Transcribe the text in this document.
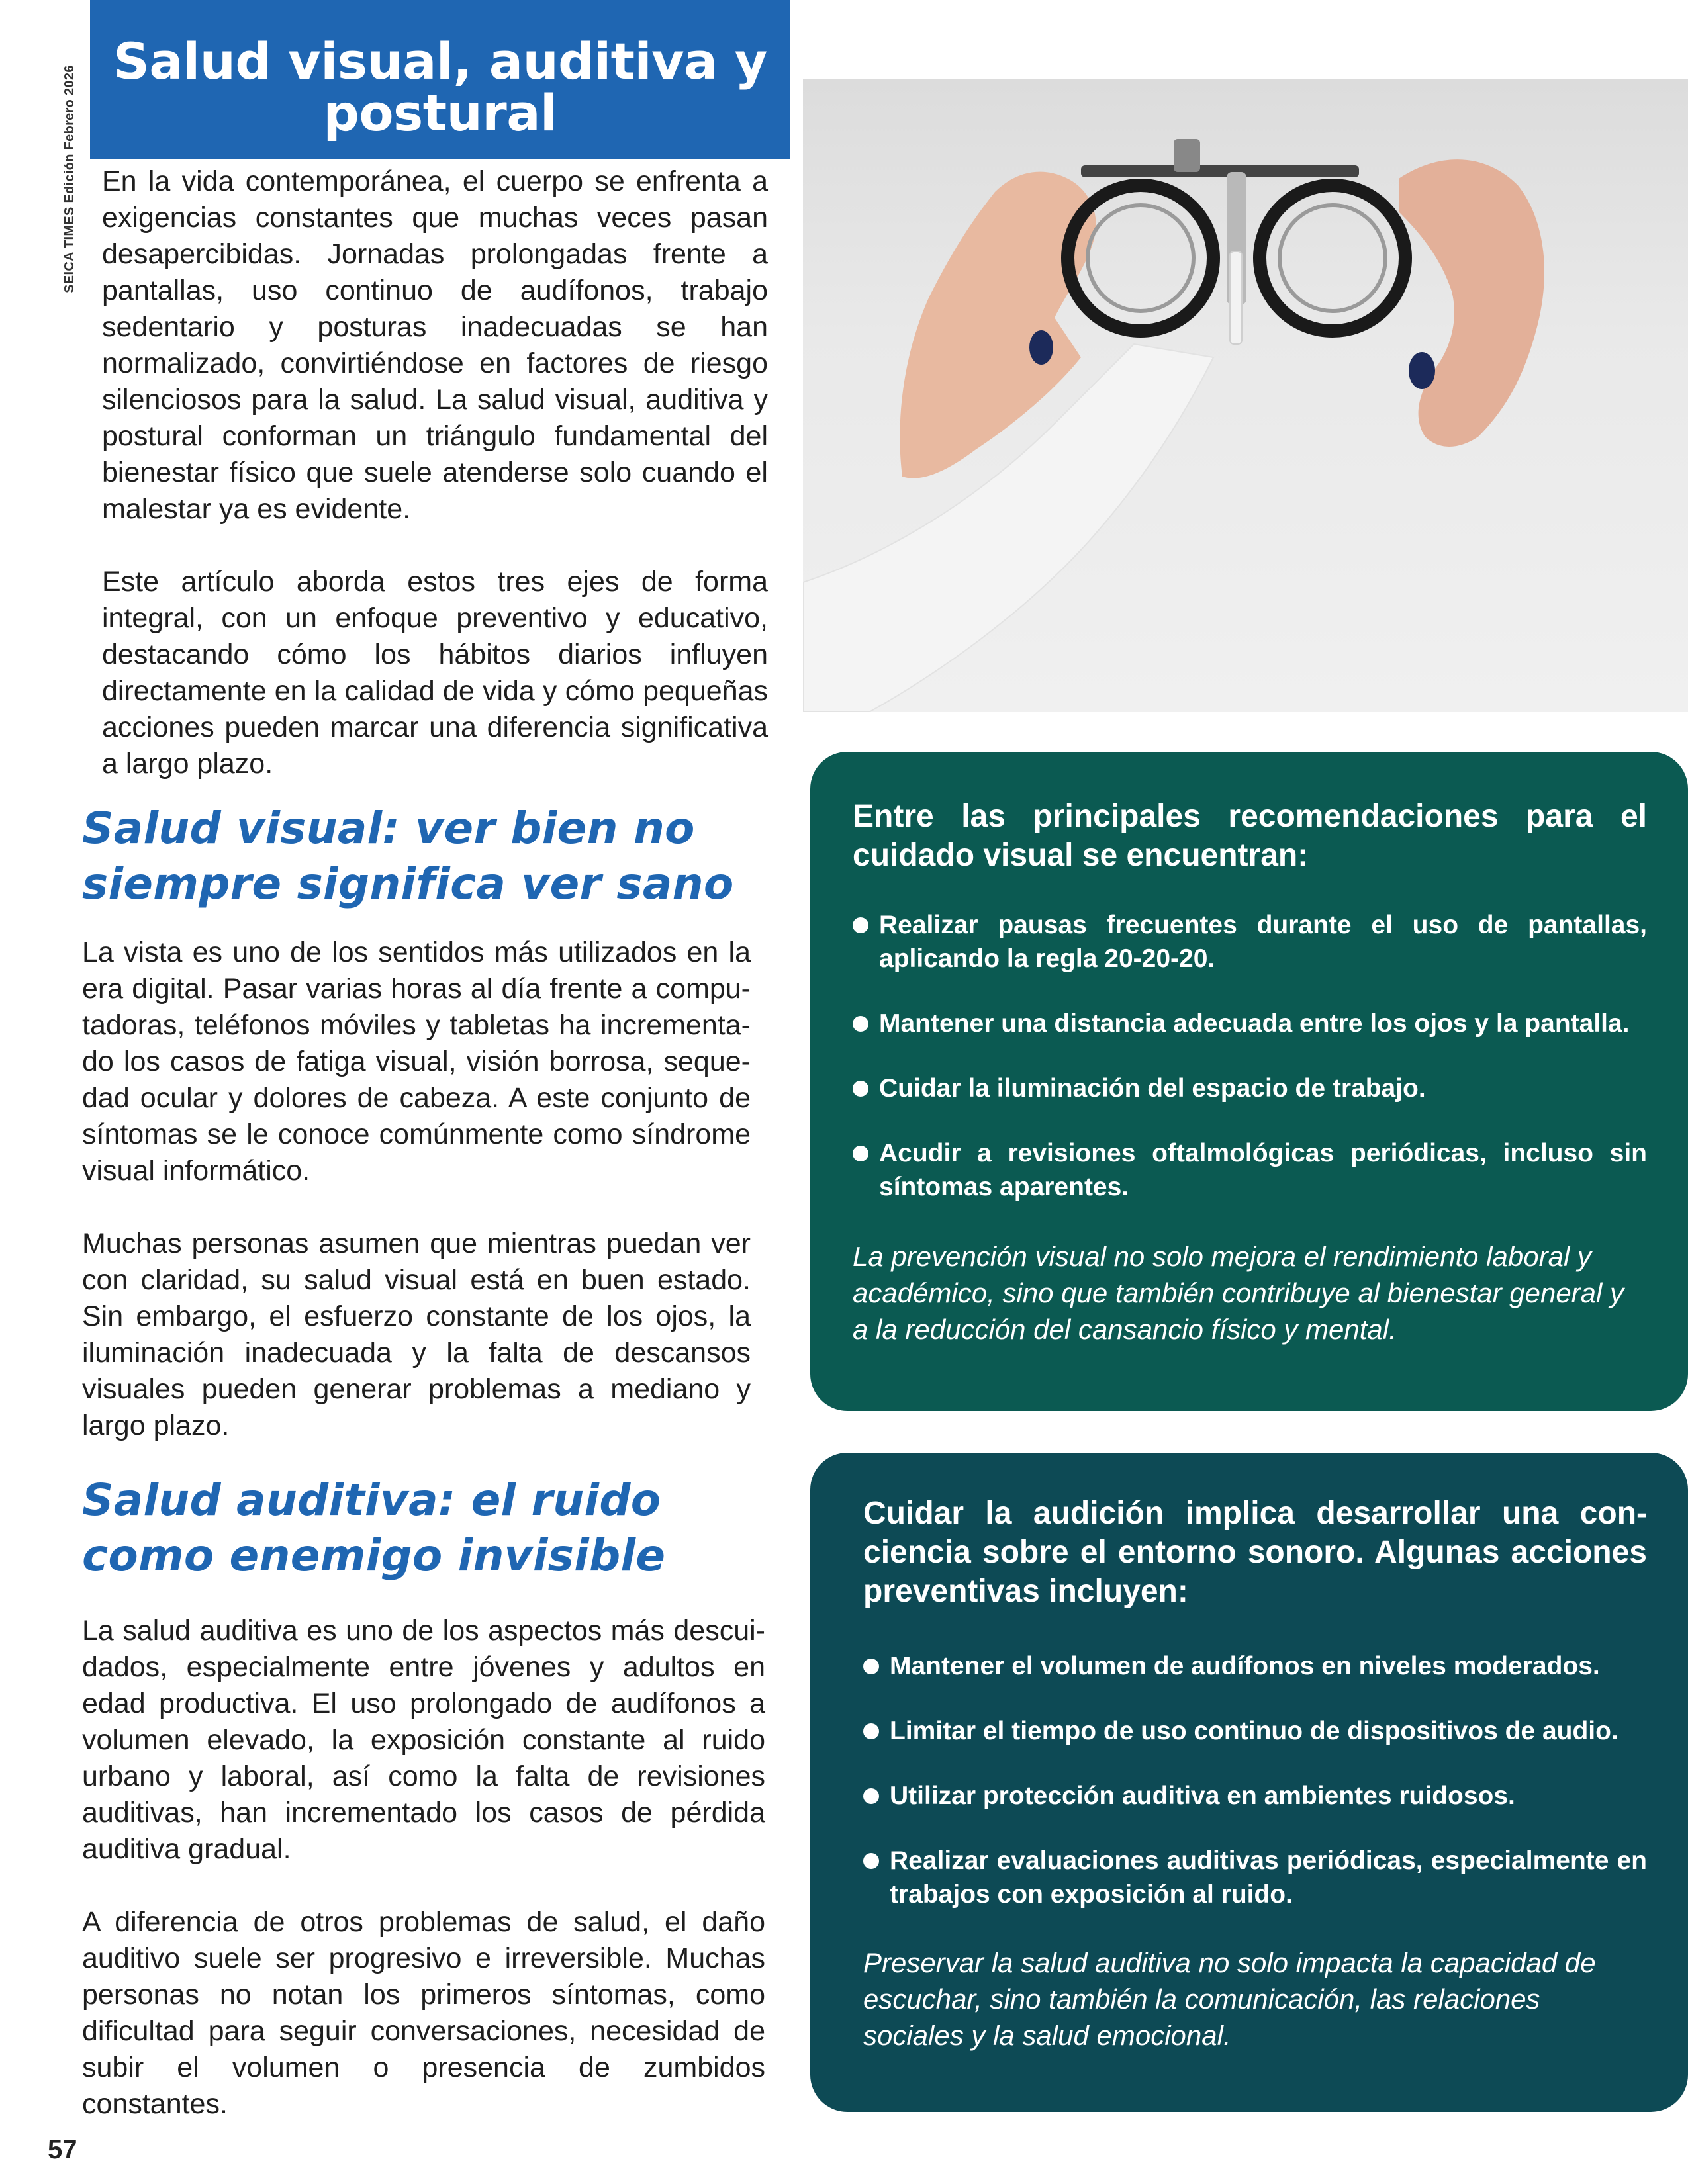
SEICA TIMES Edición Febrero 2026
Salud visual, auditiva y postural

En la vida contemporánea, el cuerpo se enfrenta a exigencias constantes que muchas veces pasan desapercibidas. Jornadas prolongadas frente a pantallas, uso continuo de audífonos, trabajo sedentario y posturas inadecuadas se han normalizado, convirtiéndose en factores de riesgo silenciosos para la salud. La salud visual, auditiva y postural conforman un triángulo fundamental del bienestar físico que suele atenderse solo cuando el malestar ya es evidente.

Este artículo aborda estos tres ejes de forma integral, con un enfoque preventivo y educativo, destacando cómo los hábitos diarios influyen directamente en la calidad de vida y cómo pequeñas acciones pueden marcar una diferencia significativa a largo plazo.

Salud visual: ver bien no
siempre significa ver sano

La vista es uno de los sentidos más utilizados en la era digital. Pasar varias horas al día frente a computadoras, teléfonos móviles y tabletas ha incrementado los casos de fatiga visual, visión borrosa, sequedad ocular y dolores de cabeza. A este conjunto de síntomas se le conoce comúnmente como síndrome visual informático.

Muchas personas asumen que mientras puedan ver con claridad, su salud visual está en buen estado. Sin embargo, el esfuerzo constante de los ojos, la iluminación inadecuada y la falta de descansos visuales pueden generar problemas a mediano y largo plazo.

Entre las principales recomendaciones para el cuidado visual se encuentran:

Realizar pausas frecuentes durante el uso de pantallas, aplicando la regla 20-20-20.
Mantener una distancia adecuada entre los ojos y la pantalla.
Cuidar la iluminación del espacio de trabajo.
Acudir a revisiones oftalmológicas periódicas, incluso sin síntomas aparentes.

La prevención visual no solo mejora el rendimiento laboral y académico, sino que también contribuye al bienestar general y a la reducción del cansancio físico y mental.

Salud auditiva: el ruido
como enemigo invisible

La salud auditiva es uno de los aspectos más descuidados, especialmente entre jóvenes y adultos en edad productiva. El uso prolongado de audífonos a volumen elevado, la exposición constante al ruido urbano y laboral, así como la falta de revisiones auditivas, han incrementado los casos de pérdida auditiva gradual.

A diferencia de otros problemas de salud, el daño auditivo suele ser progresivo e irreversible. Muchas personas no notan los primeros síntomas, como dificultad para seguir conversaciones, necesidad de subir el volumen o presencia de zumbidos constantes.

Cuidar la audición implica desarrollar una conciencia sobre el entorno sonoro. Algunas acciones preventivas incluyen:

Mantener el volumen de audífonos en niveles moderados.
Limitar el tiempo de uso continuo de dispositivos de audio.
Utilizar protección auditiva en ambientes ruidosos.
Realizar evaluaciones auditivas periódicas, especialmente en trabajos con exposición al ruido.

Preservar la salud auditiva no solo impacta la capacidad de escuchar, sino también la comunicación, las relaciones sociales y la salud emocional.

57
